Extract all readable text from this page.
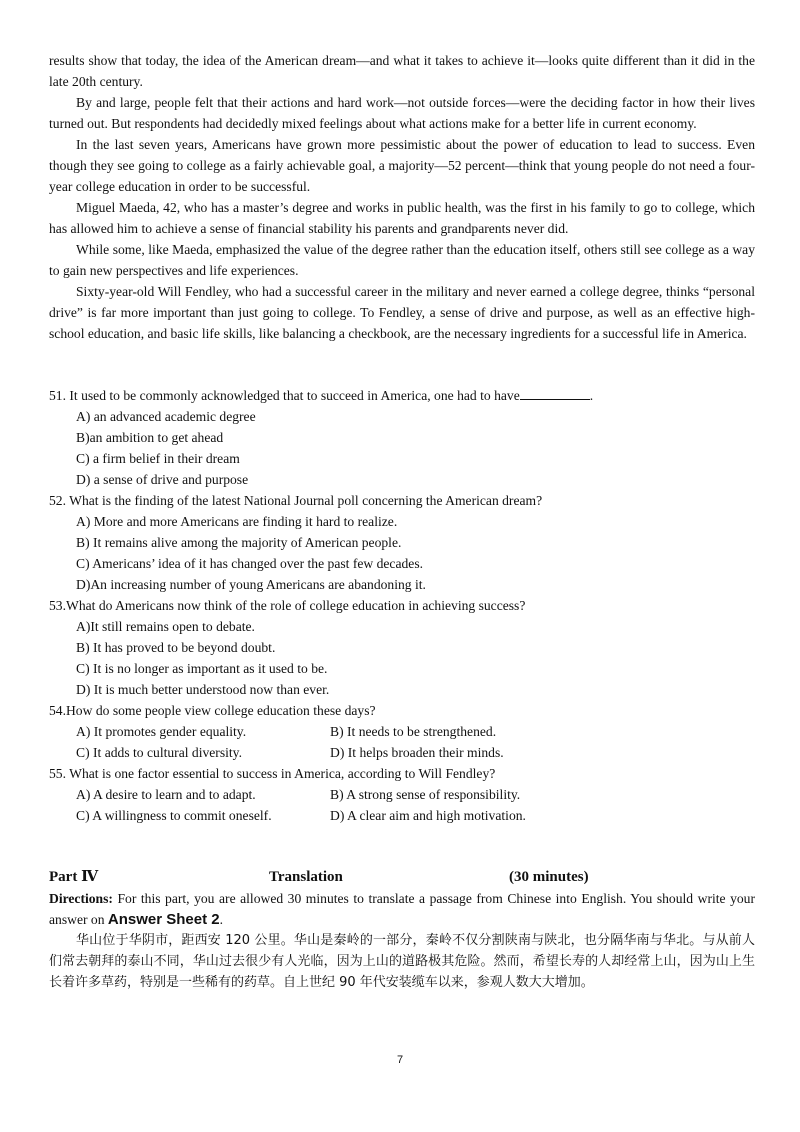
results show that today, the idea of the American dream—and what it takes to achieve it—looks quite different than it did in the late 20th century.

By and large, people felt that their actions and hard work—not outside forces—were the deciding factor in how their lives turned out. But respondents had decidedly mixed feelings about what actions make for a better life in current economy.

In the last seven years, Americans have grown more pessimistic about the power of education to lead to success. Even though they see going to college as a fairly achievable goal, a majority—52 percent—think that young people do not need a four-year college education in order to be successful.

Miguel Maeda, 42, who has a master’s degree and works in public health, was the first in his family to go to college, which has allowed him to achieve a sense of financial stability his parents and grandparents never did.

While some, like Maeda, emphasized the value of the degree rather than the education itself, others still see college as a way to gain new perspectives and life experiences.

Sixty-year-old Will Fendley, who had a successful career in the military and never earned a college degree, thinks “personal drive” is far more important than just going to college. To Fendley, a sense of drive and purpose, as well as an effective high-school education, and basic life skills, like balancing a checkbook, are the necessary ingredients for a successful life in America.

51. It used to be commonly acknowledged that to succeed in America, one had to have	.

A) an advanced academic degree

B)an ambition to get ahead

C) a firm belief in their dream

D) a sense of drive and purpose

52. What is the finding of the latest National Journal poll concerning the American dream?

A) More and more Americans are finding it hard to realize.

B) It remains alive among the majority of American people.

C) Americans’ idea of it has changed over the past few decades.

D)An increasing number of young Americans are abandoning it.

53.What do Americans now think of the role of college education in achieving success?

A)It still remains open to debate.

B) It has proved to be beyond doubt.

C) It is no longer as important as it used to be.

D) It is much better understood now than ever.

54.How do some people view college education these days?

A) It promotes gender equality.	B) It needs to be strengthened.
C) It adds to cultural diversity.	D) It helps broaden their minds.

55. What is one factor essential to success in America, according to Will Fendley?

A) A desire to learn and to adapt.	B) A strong sense of responsibility.
C) A willingness to commit oneself.	D) A clear aim and high motivation.
Part Ⅳ	Translation	(30 minutes)

Directions: For this part, you are allowed 30 minutes to translate a passage from Chinese into English. You should write your answer on Answer Sheet 2.

华山位于华阴市，距西安 120 公里。华山是秦岭的一部分，秦岭不仅分割陕南与陕北，也分隔华南与华北。与从前人们常去朝拜的泰山不同，华山过去很少有人光临，因为上山的道路极其危险。然而，希望长寿的人却经常上山，因为山上生长着许多草药，特别是一些稀有的药草。自上世纪 90 年代安装缆车以来，参观人数大大增加。

7
